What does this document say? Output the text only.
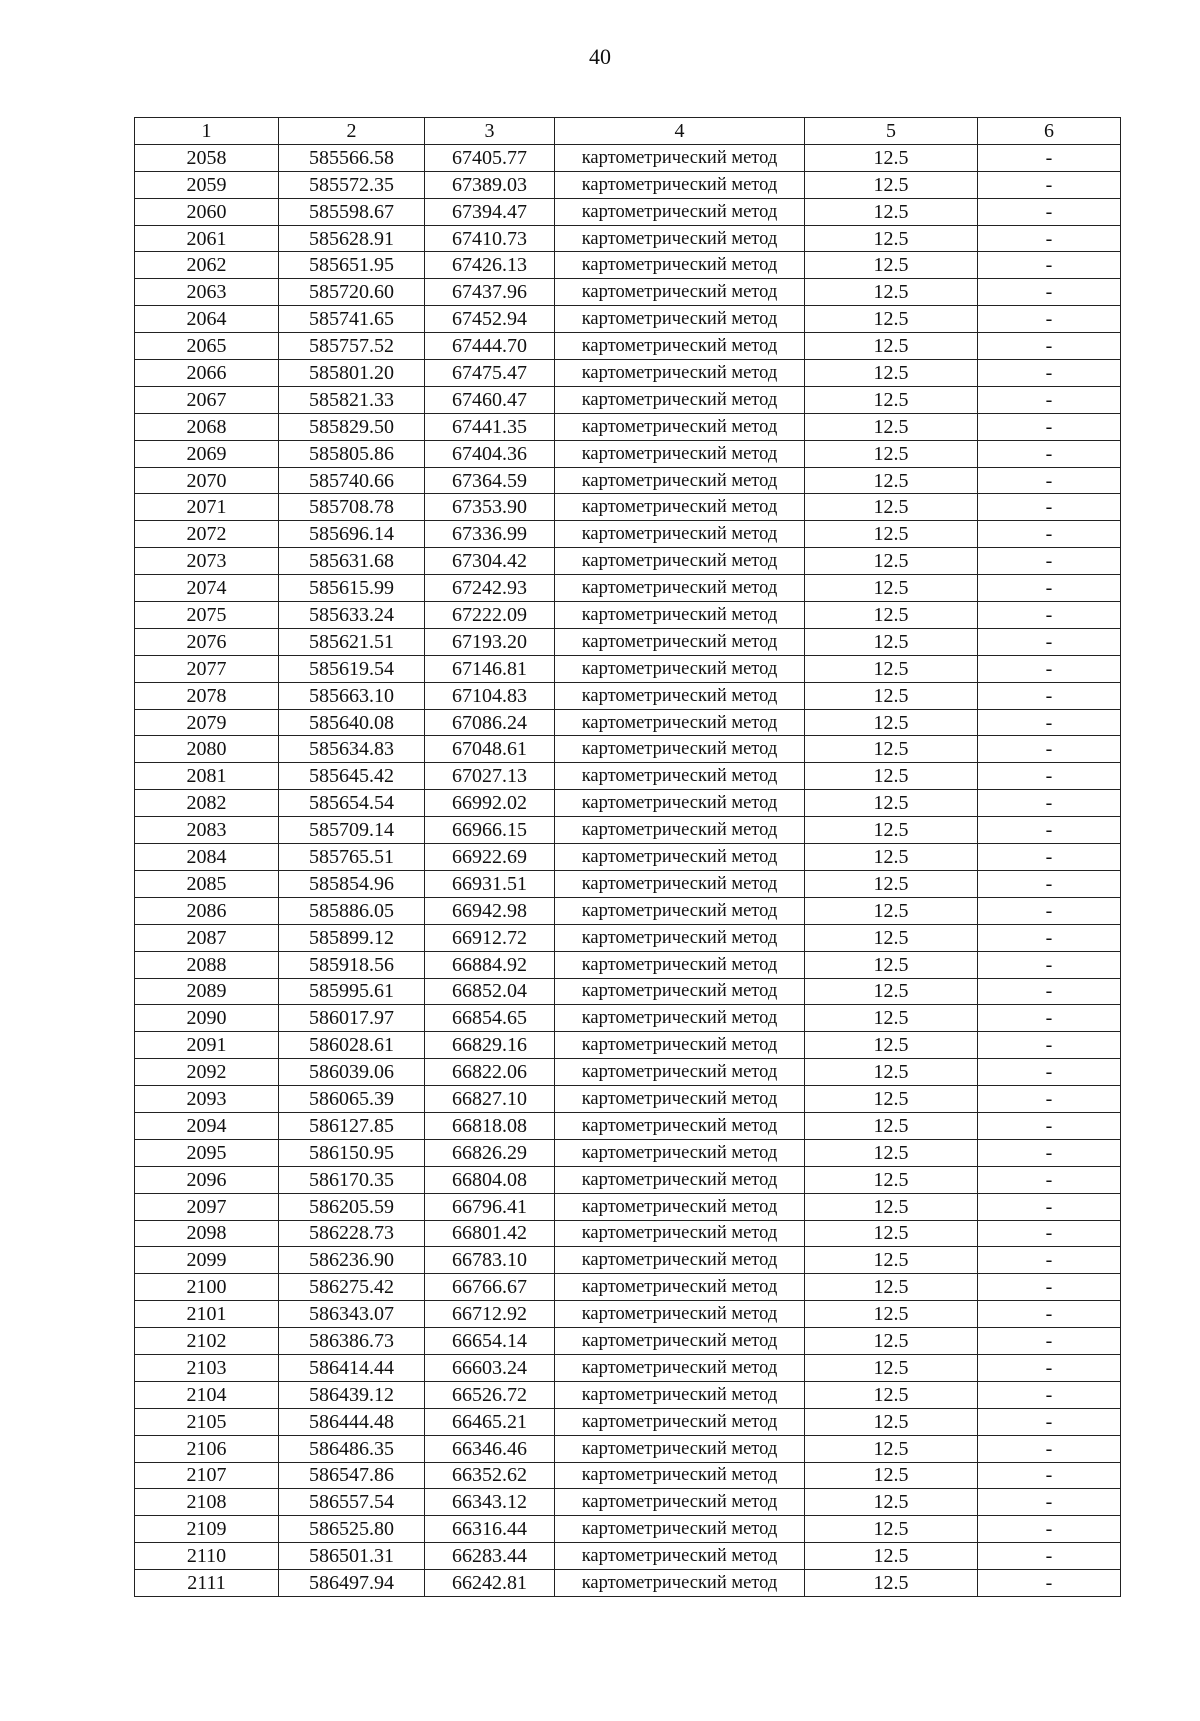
40
1	2	3	4	5	6
2058	585566.58	67405.77	картометрический метод	12.5	-
2059	585572.35	67389.03	картометрический метод	12.5	-
2060	585598.67	67394.47	картометрический метод	12.5	-
2061	585628.91	67410.73	картометрический метод	12.5	-
2062	585651.95	67426.13	картометрический метод	12.5	-
2063	585720.60	67437.96	картометрический метод	12.5	-
2064	585741.65	67452.94	картометрический метод	12.5	-
2065	585757.52	67444.70	картометрический метод	12.5	-
2066	585801.20	67475.47	картометрический метод	12.5	-
2067	585821.33	67460.47	картометрический метод	12.5	-
2068	585829.50	67441.35	картометрический метод	12.5	-
2069	585805.86	67404.36	картометрический метод	12.5	-
2070	585740.66	67364.59	картометрический метод	12.5	-
2071	585708.78	67353.90	картометрический метод	12.5	-
2072	585696.14	67336.99	картометрический метод	12.5	-
2073	585631.68	67304.42	картометрический метод	12.5	-
2074	585615.99	67242.93	картометрический метод	12.5	-
2075	585633.24	67222.09	картометрический метод	12.5	-
2076	585621.51	67193.20	картометрический метод	12.5	-
2077	585619.54	67146.81	картометрический метод	12.5	-
2078	585663.10	67104.83	картометрический метод	12.5	-
2079	585640.08	67086.24	картометрический метод	12.5	-
2080	585634.83	67048.61	картометрический метод	12.5	-
2081	585645.42	67027.13	картометрический метод	12.5	-
2082	585654.54	66992.02	картометрический метод	12.5	-
2083	585709.14	66966.15	картометрический метод	12.5	-
2084	585765.51	66922.69	картометрический метод	12.5	-
2085	585854.96	66931.51	картометрический метод	12.5	-
2086	585886.05	66942.98	картометрический метод	12.5	-
2087	585899.12	66912.72	картометрический метод	12.5	-
2088	585918.56	66884.92	картометрический метод	12.5	-
2089	585995.61	66852.04	картометрический метод	12.5	-
2090	586017.97	66854.65	картометрический метод	12.5	-
2091	586028.61	66829.16	картометрический метод	12.5	-
2092	586039.06	66822.06	картометрический метод	12.5	-
2093	586065.39	66827.10	картометрический метод	12.5	-
2094	586127.85	66818.08	картометрический метод	12.5	-
2095	586150.95	66826.29	картометрический метод	12.5	-
2096	586170.35	66804.08	картометрический метод	12.5	-
2097	586205.59	66796.41	картометрический метод	12.5	-
2098	586228.73	66801.42	картометрический метод	12.5	-
2099	586236.90	66783.10	картометрический метод	12.5	-
2100	586275.42	66766.67	картометрический метод	12.5	-
2101	586343.07	66712.92	картометрический метод	12.5	-
2102	586386.73	66654.14	картометрический метод	12.5	-
2103	586414.44	66603.24	картометрический метод	12.5	-
2104	586439.12	66526.72	картометрический метод	12.5	-
2105	586444.48	66465.21	картометрический метод	12.5	-
2106	586486.35	66346.46	картометрический метод	12.5	-
2107	586547.86	66352.62	картометрический метод	12.5	-
2108	586557.54	66343.12	картометрический метод	12.5	-
2109	586525.80	66316.44	картометрический метод	12.5	-
2110	586501.31	66283.44	картометрический метод	12.5	-
2111	586497.94	66242.81	картометрический метод	12.5	-
